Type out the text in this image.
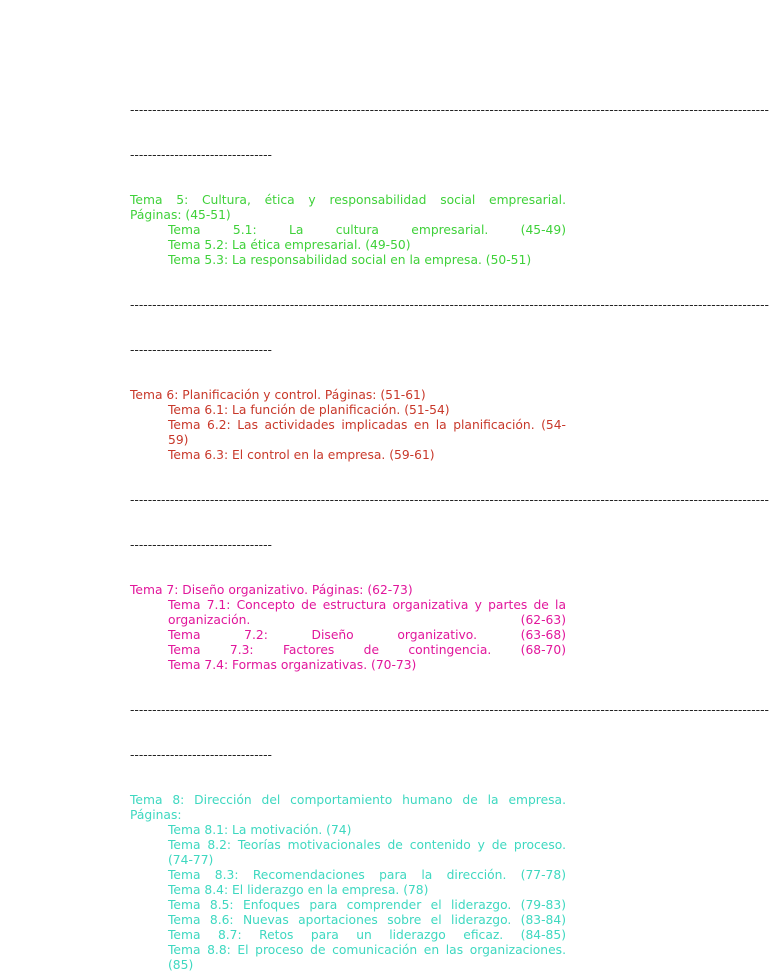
------------------------------------------------------------------------------------------------------------------------------------------------

--------------------------------

Tema 5: Cultura, ética y responsabilidad social empresarial.
Páginas: (45-51)
Tema 5.1: La cultura empresarial. (45-49)
Tema 5.2: La ética empresarial. (49-50)
Tema 5.3: La responsabilidad social en la empresa. (50-51)

------------------------------------------------------------------------------------------------------------------------------------------------

--------------------------------

Tema 6: Planificación y control. Páginas: (51-61)
Tema 6.1: La función de planificación. (51-54)
Tema 6.2: Las actividades implicadas en la planificación. (54-
59)
Tema 6.3: El control en la empresa. (59-61)

------------------------------------------------------------------------------------------------------------------------------------------------

--------------------------------

Tema 7: Diseño organizativo. Páginas: (62-73)
Tema 7.1: Concepto de estructura organizativa y partes de la
organización.	(62-63)
Tema 7.2: Diseño organizativo. (63-68)
Tema 7.3: Factores de contingencia. (68-70)
Tema 7.4: Formas organizativas. (70-73)

------------------------------------------------------------------------------------------------------------------------------------------------

--------------------------------

Tema 8: Dirección del comportamiento humano de la empresa.
Páginas:
Tema 8.1: La motivación. (74)
Tema 8.2: Teorías motivacionales de contenido y de proceso.
(74-77)
Tema 8.3: Recomendaciones para la dirección. (77-78)
Tema 8.4: El liderazgo en la empresa. (78)
Tema 8.5: Enfoques para comprender el liderazgo. (79-83)
Tema 8.6: Nuevas aportaciones sobre el liderazgo. (83-84)
Tema 8.7: Retos para un liderazgo eficaz. (84-85)
Tema 8.8: El proceso de comunicación en las organizaciones.
(85)
